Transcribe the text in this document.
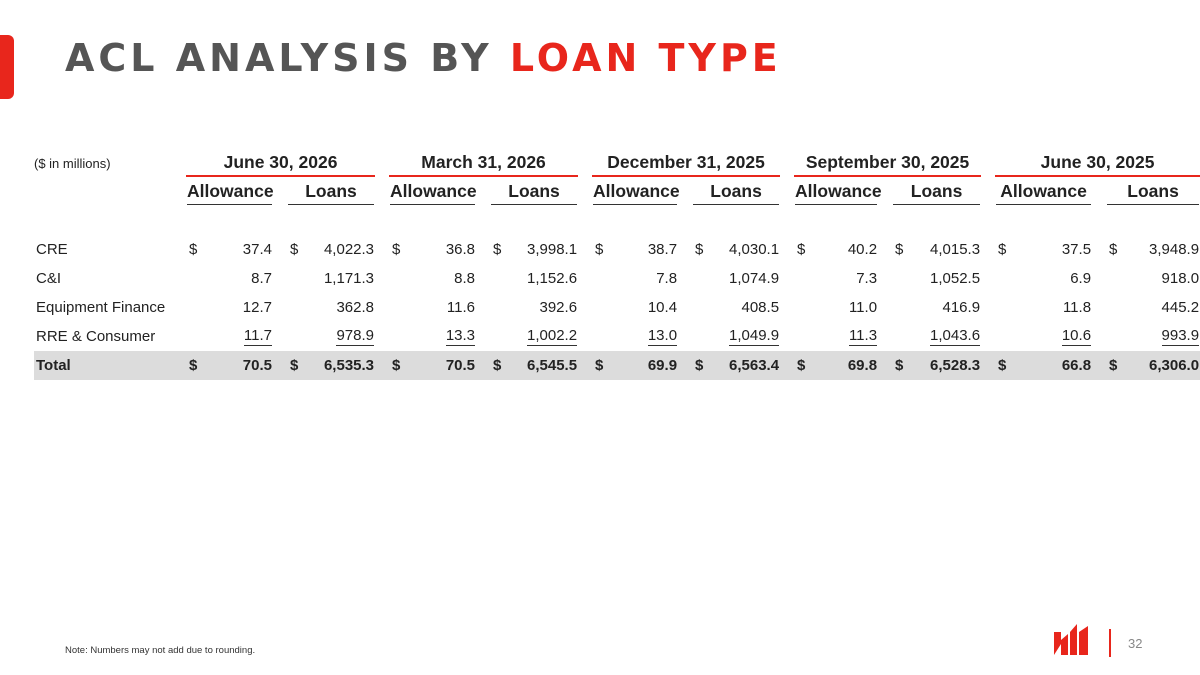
ACL ANALYSIS BY LOAN TYPE
($ in millions)	June 30, 2026				March 31, 2026				December 31, 2025				September 30, 2025				June 30, 2025			

	Allowance		Loans		Allowance		Loans		Allowance		Loans		Allowance		Loans		Allowance		Loans	

CRE	$	37.4	$	4,022.3	$	36.8	$	3,998.1	$	38.7	$	4,030.1	$	40.2	$	4,015.3	$	37.5	$	3,948.9
C&I		8.7		1,171.3		8.8		1,152.6		7.8		1,074.9		7.3		1,052.5		6.9		918.0
Equipment Finance		12.7		362.8		11.6		392.6		10.4		408.5		11.0		416.9		11.8		445.2
RRE & Consumer		11.7		978.9		13.3		1,002.2		13.0		1,049.9		11.3		1,043.6		10.6		993.9
Total	$	70.5	$	6,535.3	$	70.5	$	6,545.5	$	69.9	$	6,563.4	$	69.8	$	6,528.3	$	66.8	$	6,306.0
Note: Numbers may not add due to rounding.	32
